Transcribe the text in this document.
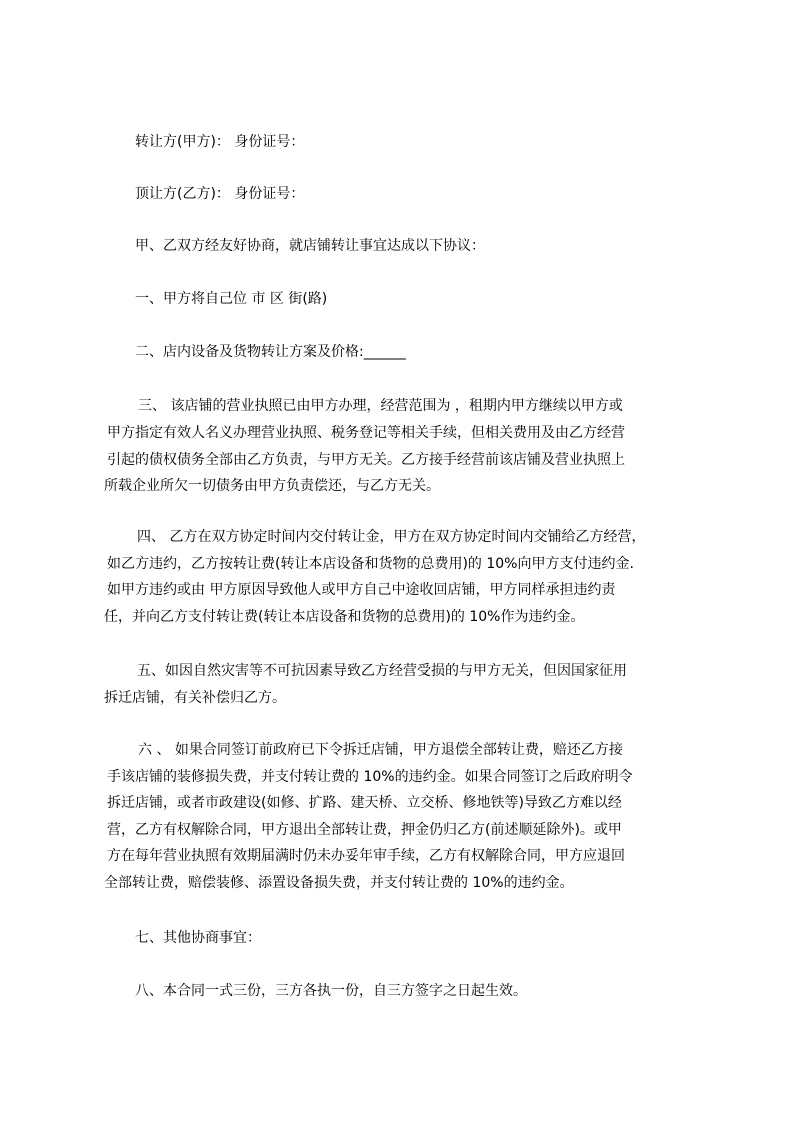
转让方(甲方)： 身份证号：
顶让方(乙方)： 身份证号：
甲、乙双方经友好协商，就店铺转让事宜达成以下协议：
一、甲方将自己位 市 区 街(路)
二、店内设备及货物转让方案及价格:______
三、 该店铺的营业执照已由甲方办理，经营范围为 ，租期内甲方继续以甲方或
甲方指定有效人名义办理营业执照、税务登记等相关手续，但相关费用及由乙方经营
引起的债权债务全部由乙方负责，与甲方无关。乙方接手经营前该店铺及营业执照上
所载企业所欠一切债务由甲方负责偿还，与乙方无关。
四、 乙方在双方协定时间内交付转让金，甲方在双方协定时间内交铺给乙方经营，
如乙方违约，乙方按转让费(转让本店设备和货物的总费用)的 10%向甲方支付违约金.
如甲方违约或由 甲方原因导致他人或甲方自己中途收回店铺，甲方同样承担违约责
任，并向乙方支付转让费(转让本店设备和货物的总费用)的 10%作为违约金。
五、如因自然灾害等不可抗因素导致乙方经营受损的与甲方无关，但因国家征用
拆迁店铺，有关补偿归乙方。
六 、 如果合同签订前政府已下令拆迁店铺，甲方退偿全部转让费，赔还乙方接
手该店铺的装修损失费，并支付转让费的 10%的违约金。如果合同签订之后政府明令
拆迁店铺，或者市政建设(如修、扩路、建天桥、立交桥、修地铁等)导致乙方难以经
营，乙方有权解除合同，甲方退出全部转让费，押金仍归乙方(前述顺延除外)。或甲
方在每年营业执照有效期届满时仍未办妥年审手续，乙方有权解除合同，甲方应退回
全部转让费，赔偿装修、添置设备损失费，并支付转让费的 10%的违约金。
七、其他协商事宜：
八、本合同一式三份，三方各执一份，自三方签字之日起生效。
